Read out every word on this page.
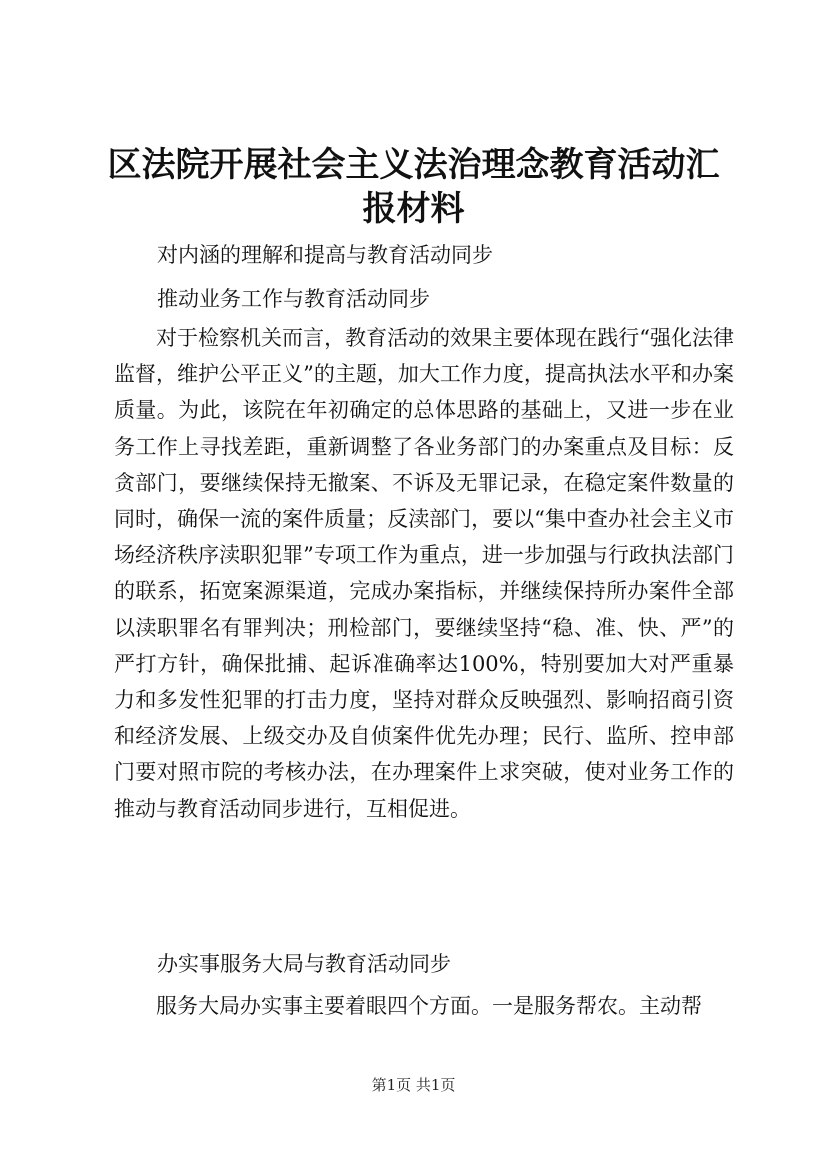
区法院开展社会主义法治理念教育活动汇报材料
对内涵的理解和提高与教育活动同步
推动业务工作与教育活动同步

对于检察机关而言，教育活动的效果主要体现在践行“强化法律监督，维护公平正义”的主题，加大工作力度，提高执法水平和办案质量。为此，该院在年初确定的总体思路的基础上，又进一步在业务工作上寻找差距，重新调整了各业务部门的办案重点及目标：反贪部门，要继续保持无撤案、不诉及无罪记录，在稳定案件数量的同时，确保一流的案件质量；反渎部门，要以“集中查办社会主义市场经济秩序渎职犯罪”专项工作为重点，进一步加强与行政执法部门的联系，拓宽案源渠道，完成办案指标，并继续保持所办案件全部以渎职罪名有罪判决；刑检部门，要继续坚持“稳、准、快、严”的严打方针，确保批捕、起诉准确率达100%，特别要加大对严重暴力和多发性犯罪的打击力度，坚持对群众反映强烈、影响招商引资和经济发展、上级交办及自侦案件优先办理；民行、监所、控申部门要对照市院的考核办法，在办理案件上求突破，使对业务工作的推动与教育活动同步进行，互相促进。

办实事服务大局与教育活动同步

服务大局办实事主要着眼四个方面。一是服务帮农。主动帮

第1页 共1页
